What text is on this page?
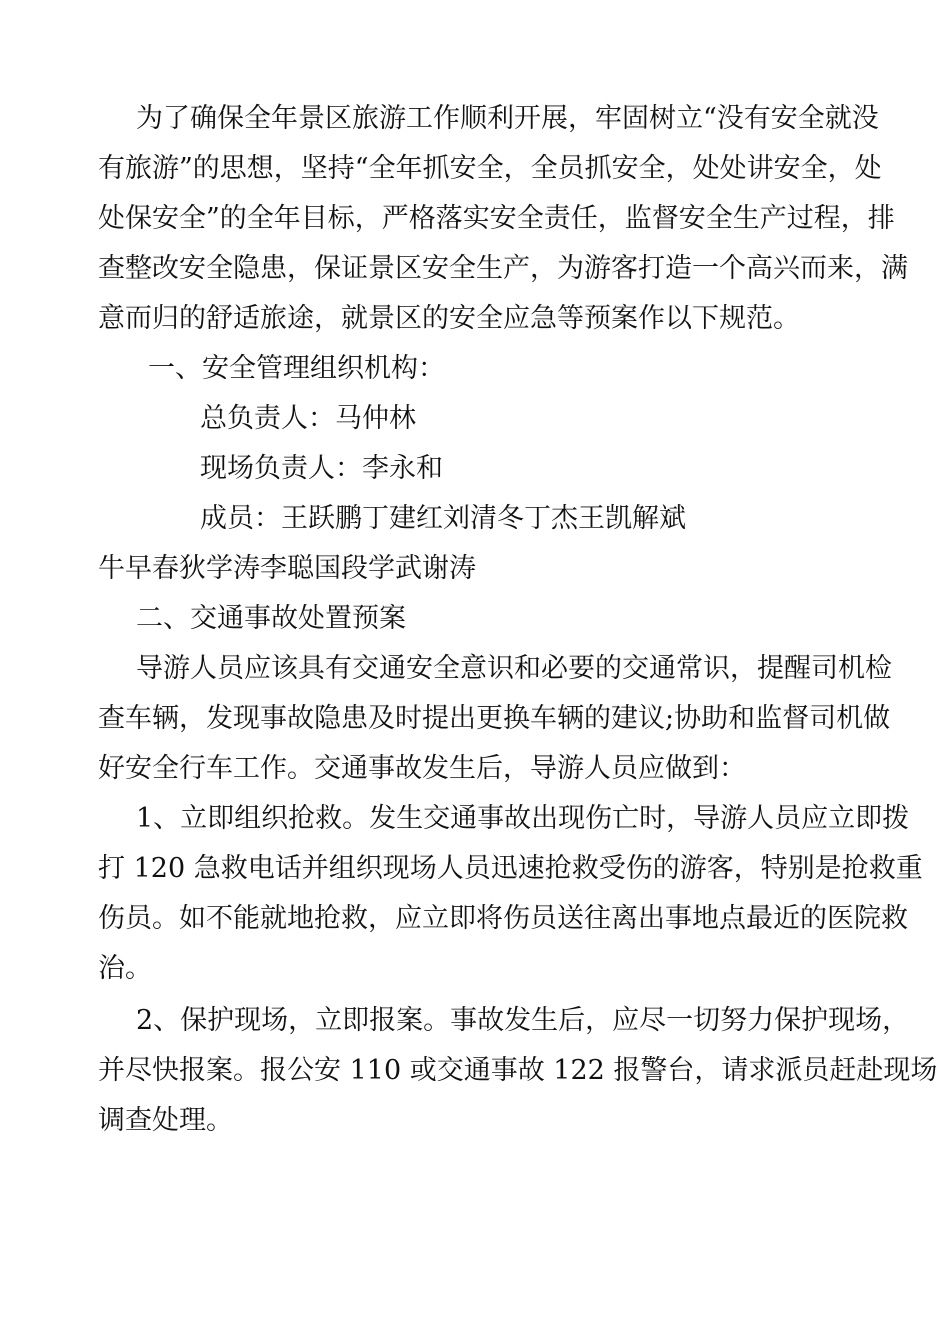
为了确保全年景区旅游工作顺利开展，牢固树立“没有安全就没
有旅游”的思想，坚持“全年抓安全，全员抓安全，处处讲安全，处
处保安全”的全年目标，严格落实安全责任，监督安全生产过程，排
查整改安全隐患，保证景区安全生产，为游客打造一个高兴而来，满
意而归的舒适旅途，就景区的安全应急等预案作以下规范。
一、安全管理组织机构：
总负责人：马仲林
现场负责人：李永和
成员：王跃鹏丁建红刘清冬丁杰王凯解斌
牛早春狄学涛李聪国段学武谢涛
二、交通事故处置预案
导游人员应该具有交通安全意识和必要的交通常识，提醒司机检
查车辆，发现事故隐患及时提出更换车辆的建议;协助和监督司机做
好安全行车工作。交通事故发生后，导游人员应做到：
1、立即组织抢救。发生交通事故出现伤亡时，导游人员应立即拨
打 120 急救电话并组织现场人员迅速抢救受伤的游客，特别是抢救重
伤员。如不能就地抢救，应立即将伤员送往离出事地点最近的医院救
治。
2、保护现场，立即报案。事故发生后，应尽一切努力保护现场，
并尽快报案。报公安 110 或交通事故 122 报警台，请求派员赶赴现场
调查处理。
